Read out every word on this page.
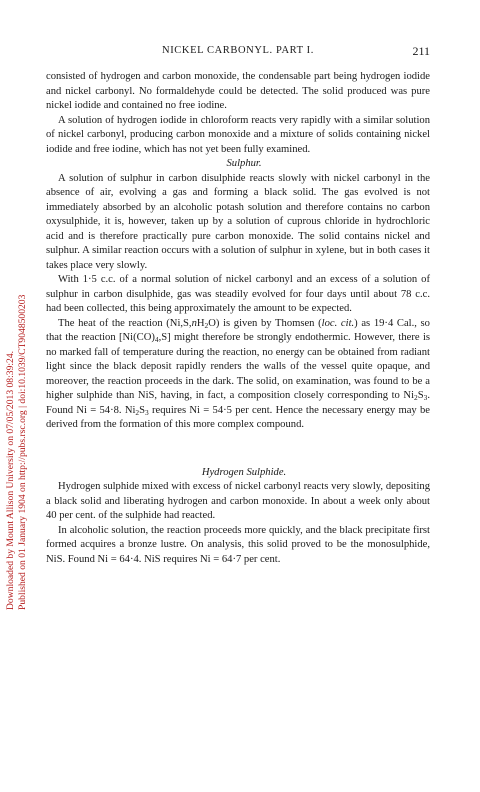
NICKEL CARBONYL. PART I.	211
Downloaded by Mount Allison University on 07/05/2013 08:39:24. Published on 01 January 1904 on http://pubs.rsc.org | doi:10.1039/CT9048500203

consisted of hydrogen and carbon monoxide, the condensable part being hydrogen iodide and nickel carbonyl. No formaldehyde could be detected. The solid produced was pure nickel iodide and contained no free iodine.

A solution of hydrogen iodide in chloroform reacts very rapidly with a similar solution of nickel carbonyl, producing carbon monoxide and a mixture of solids containing nickel iodide and free iodine, which has not yet been fully examined.

Sulphur.

A solution of sulphur in carbon disulphide reacts slowly with nickel carbonyl in the absence of air, evolving a gas and forming a black solid. The gas evolved is not immediately absorbed by an alcoholic potash solution and therefore contains no carbon oxysulphide, it is, however, taken up by a solution of cuprous chloride in hydrochloric acid and is therefore practically pure carbon monoxide. The solid contains nickel and sulphur. A similar reaction occurs with a solution of sulphur in xylene, but in both cases it takes place very slowly.

With 1·5 c.c. of a normal solution of nickel carbonyl and an excess of a solution of sulphur in carbon disulphide, gas was steadily evolved for four days until about 78 c.c. had been collected, this being approximately the amount to be expected.

The heat of the reaction $(Ni,S,nH_2O)$ is given by Thomsen (loc. cit.) as 19·4 Cal., so that the reaction $[Ni(CO)_4,S]$ might therefore be strongly endothermic. However, there is no marked fall of temperature during the reaction, no energy can be obtained from radiant light since the black deposit rapidly renders the walls of the vessel quite opaque, and moreover, the reaction proceeds in the dark. The solid, on examination, was found to be a higher sulphide than NiS, having, in fact, a composition closely corresponding to $Ni_2S_3$. Found Ni = 54·8. $Ni_2S_3$ requires Ni = 54·5 per cent. Hence the necessary energy may be derived from the formation of this more complex compound.

Hydrogen Sulphide.

Hydrogen sulphide mixed with excess of nickel carbonyl reacts very slowly, depositing a black solid and liberating hydrogen and carbon monoxide. In about a week only about 40 per cent. of the sulphide had reacted.

In alcoholic solution, the reaction proceeds more quickly, and the black precipitate first formed acquires a bronze lustre. On analysis, this solid proved to be the monosulphide, NiS. Found Ni = 64·4. NiS requires Ni = 64·7 per cent.
